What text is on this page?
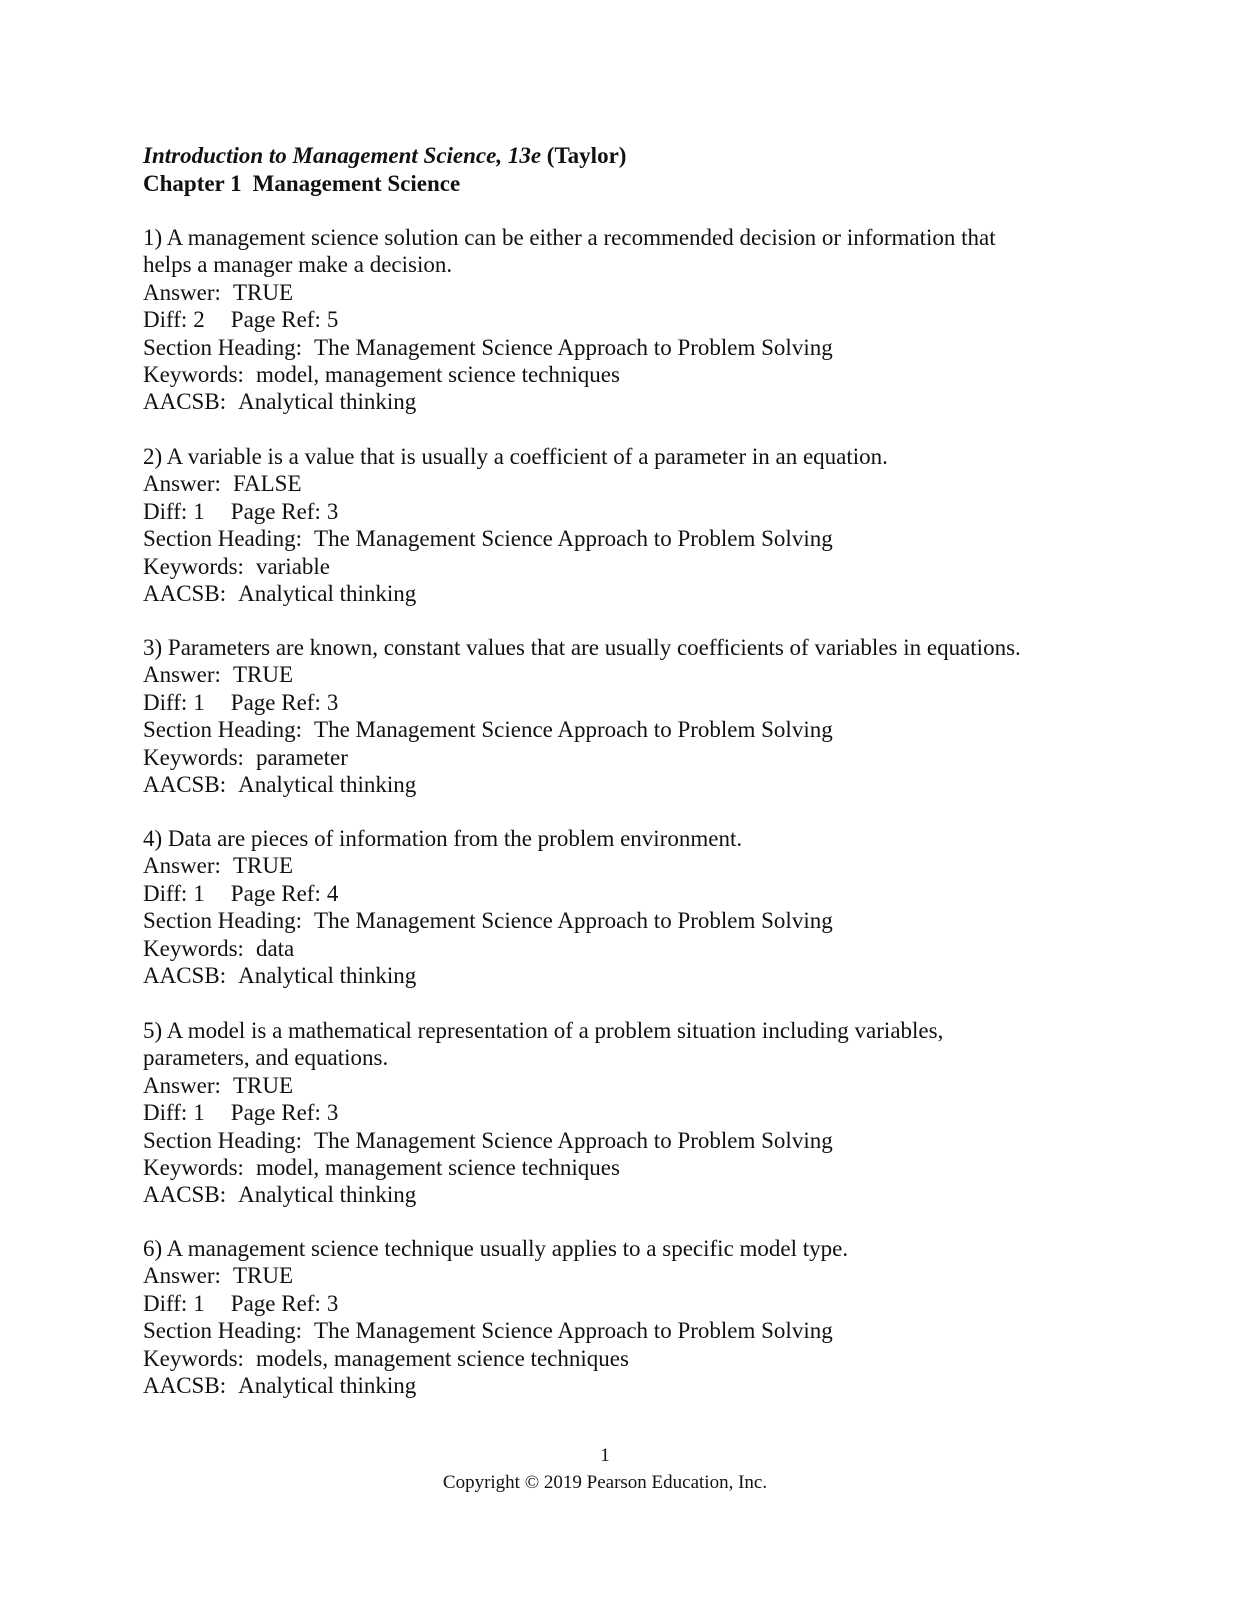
Introduction to Management Science, 13e (Taylor)
Chapter 1 Management Science
1) A management science solution can be either a recommended decision or information that
helps a manager make a decision.
Answer: TRUE
Diff: 2 Page Ref: 5
Section Heading: The Management Science Approach to Problem Solving
Keywords: model, management science techniques
AACSB: Analytical thinking
2) A variable is a value that is usually a coefficient of a parameter in an equation.
Answer: FALSE
Diff: 1 Page Ref: 3
Section Heading: The Management Science Approach to Problem Solving
Keywords: variable
AACSB: Analytical thinking
3) Parameters are known, constant values that are usually coefficients of variables in equations.
Answer: TRUE
Diff: 1 Page Ref: 3
Section Heading: The Management Science Approach to Problem Solving
Keywords: parameter
AACSB: Analytical thinking
4) Data are pieces of information from the problem environment.
Answer: TRUE
Diff: 1 Page Ref: 4
Section Heading: The Management Science Approach to Problem Solving
Keywords: data
AACSB: Analytical thinking
5) A model is a mathematical representation of a problem situation including variables,
parameters, and equations.
Answer: TRUE
Diff: 1 Page Ref: 3
Section Heading: The Management Science Approach to Problem Solving
Keywords: model, management science techniques
AACSB: Analytical thinking
6) A management science technique usually applies to a specific model type.
Answer: TRUE
Diff: 1 Page Ref: 3
Section Heading: The Management Science Approach to Problem Solving
Keywords: models, management science techniques
AACSB: Analytical thinking
1
Copyright © 2019 Pearson Education, Inc.
